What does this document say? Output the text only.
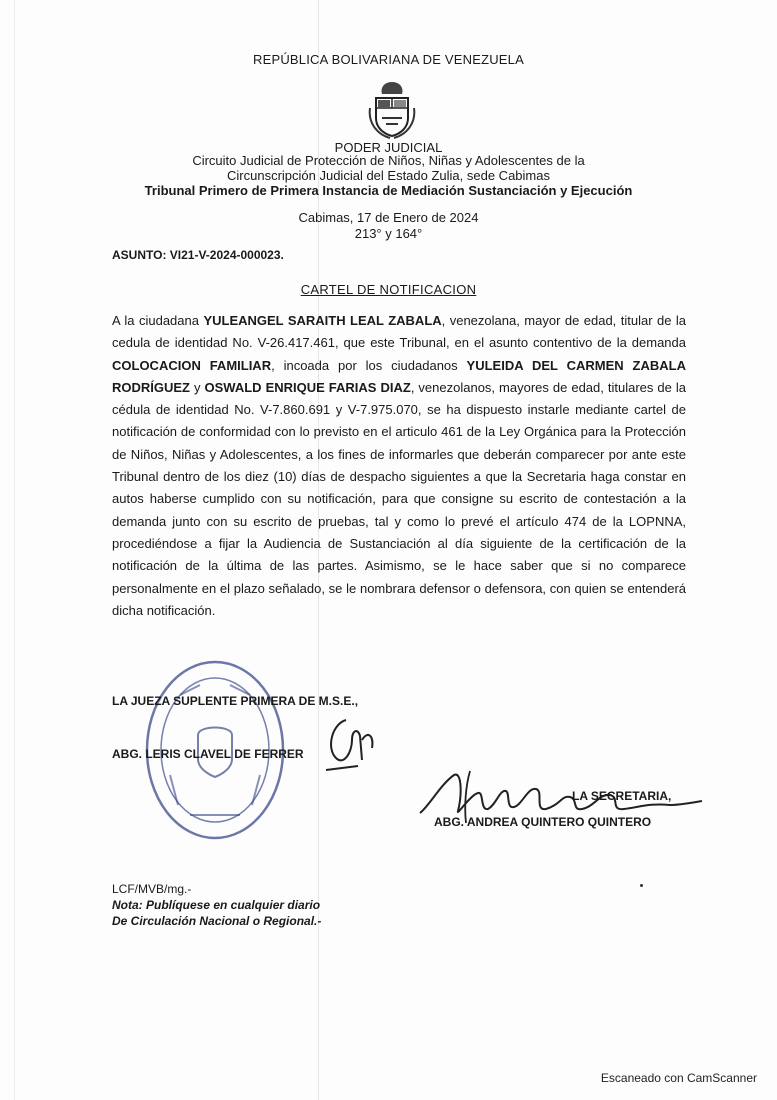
REPÚBLICA BOLIVARIANA DE VENEZUELA
PODER JUDICIAL
Circuito Judicial de Protección de Niños, Niñas y Adolescentes de la
Circunscripción Judicial del Estado Zulia, sede Cabimas
Tribunal Primero de Primera Instancia de Mediación Sustanciación y Ejecución
Cabimas, 17 de Enero de 2024
213° y 164°
ASUNTO: VI21-V-2024-000023.
CARTEL DE NOTIFICACION
A la ciudadana YULEANGEL SARAITH LEAL ZABALA, venezolana, mayor de edad, titular de la cedula de identidad No. V-26.417.461, que este Tribunal, en el asunto contentivo de la demanda COLOCACION FAMILIAR, incoada por los ciudadanos YULEIDA DEL CARMEN ZABALA RODRÍGUEZ y OSWALD ENRIQUE FARIAS DIAZ, venezolanos, mayores de edad, titulares de la cédula de identidad No. V-7.860.691 y V-7.975.070, se ha dispuesto instarle mediante cartel de notificación de conformidad con lo previsto en el articulo 461 de la Ley Orgánica para la Protección de Niños, Niñas y Adolescentes, a los fines de informarles que deberán comparecer por ante este Tribunal dentro de los diez (10) días de despacho siguientes a que la Secretaria haga constar en autos haberse cumplido con su notificación, para que consigne su escrito de contestación a la demanda junto con su escrito de pruebas, tal y como lo prevé el artículo 474 de la LOPNNA, procediéndose a fijar la Audiencia de Sustanciación al día siguiente de la certificación de la notificación de la última de las partes. Asimismo, se le hace saber que si no comparece personalmente en el plazo señalado, se le nombrara defensor o defensora, con quien se entenderá dicha notificación.
LA JUEZA SUPLENTE PRIMERA DE M.S.E.,
ABG. LERIS CLAVEL DE FERRER
LA SECRETARIA,
ABG. ANDREA QUINTERO QUINTERO
LCF/MVB/mg.-
Nota: Publíquese en cualquier diario
De Circulación Nacional o Regional.-
Escaneado con CamScanner
